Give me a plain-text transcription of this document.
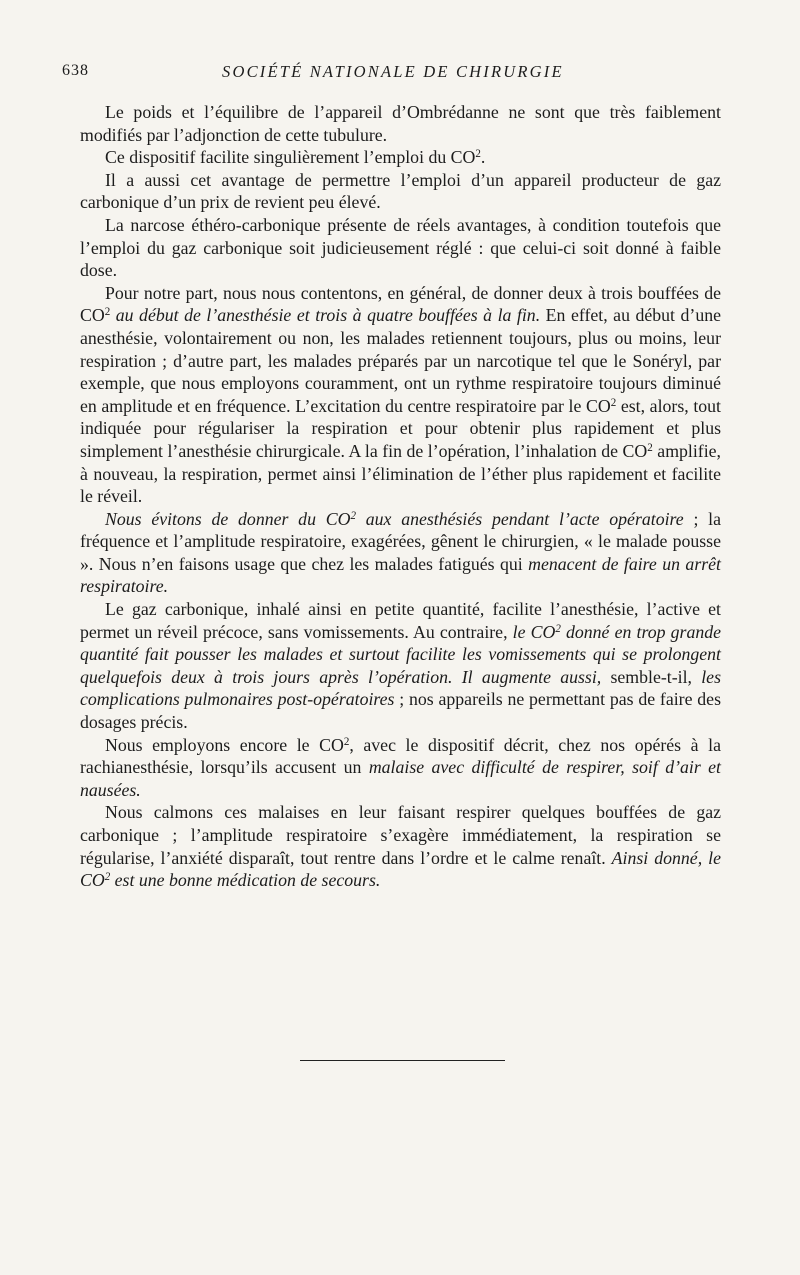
638	SOCIÉTÉ NATIONALE DE CHIRURGIE

Le poids et l’équilibre de l’appareil d’Ombrédanne ne sont que très faiblement modifiés par l’adjonction de cette tubulure.

Ce dispositif facilite singulièrement l’emploi du $CO^2$.

Il a aussi cet avantage de permettre l’emploi d’un appareil producteur de gaz carbonique d’un prix de revient peu élevé.

La narcose éthéro-carbonique présente de réels avantages, à condition toutefois que l’emploi du gaz carbonique soit judicieusement réglé : que celui-ci soit donné à faible dose.

Pour notre part, nous nous contentons, en général, de donner deux à trois bouffées de $CO^2$ au début de l’anesthésie et trois à quatre bouffées à la fin. En effet, au début d’une anesthésie, volontairement ou non, les malades retiennent toujours, plus ou moins, leur respiration ; d’autre part, les malades préparés par un narcotique tel que le Sonéryl, par exemple, que nous employons couramment, ont un rythme respiratoire toujours diminué en amplitude et en fréquence. L’excitation du centre respiratoire par le $CO^2$ est, alors, tout indiquée pour régulariser la respiration et pour obtenir plus rapidement et plus simplement l’anesthésie chirurgicale. A la fin de l’opération, l’inhalation de $CO^2$ amplifie, à nouveau, la respiration, permet ainsi l’élimination de l’éther plus rapidement et facilite le réveil.

Nous évitons de donner du $CO^2$ aux anesthésiés pendant l’acte opératoire ; la fréquence et l’amplitude respiratoire, exagérées, gênent le chirurgien, « le malade pousse ». Nous n’en faisons usage que chez les malades fatigués qui menacent de faire un arrêt respiratoire.

Le gaz carbonique, inhalé ainsi en petite quantité, facilite l’anesthésie, l’active et permet un réveil précoce, sans vomissements. Au contraire, le $CO^2$ donné en trop grande quantité fait pousser les malades et surtout facilite les vomissements qui se prolongent quelquefois deux à trois jours après l’opération. Il augmente aussi, semble-t-il, les complications pulmonaires post-opératoires ; nos appareils ne permettant pas de faire des dosages précis.

Nous employons encore le $CO^2$, avec le dispositif décrit, chez nos opérés à la rachianesthésie, lorsqu’ils accusent un malaise avec difficulté de respirer, soif d’air et nausées.

Nous calmons ces malaises en leur faisant respirer quelques bouffées de gaz carbonique ; l’amplitude respiratoire s’exagère immédiatement, la respiration se régularise, l’anxiété disparaît, tout rentre dans l’ordre et le calme renaît. Ainsi donné, le $CO^2$ est une bonne médication de secours.
